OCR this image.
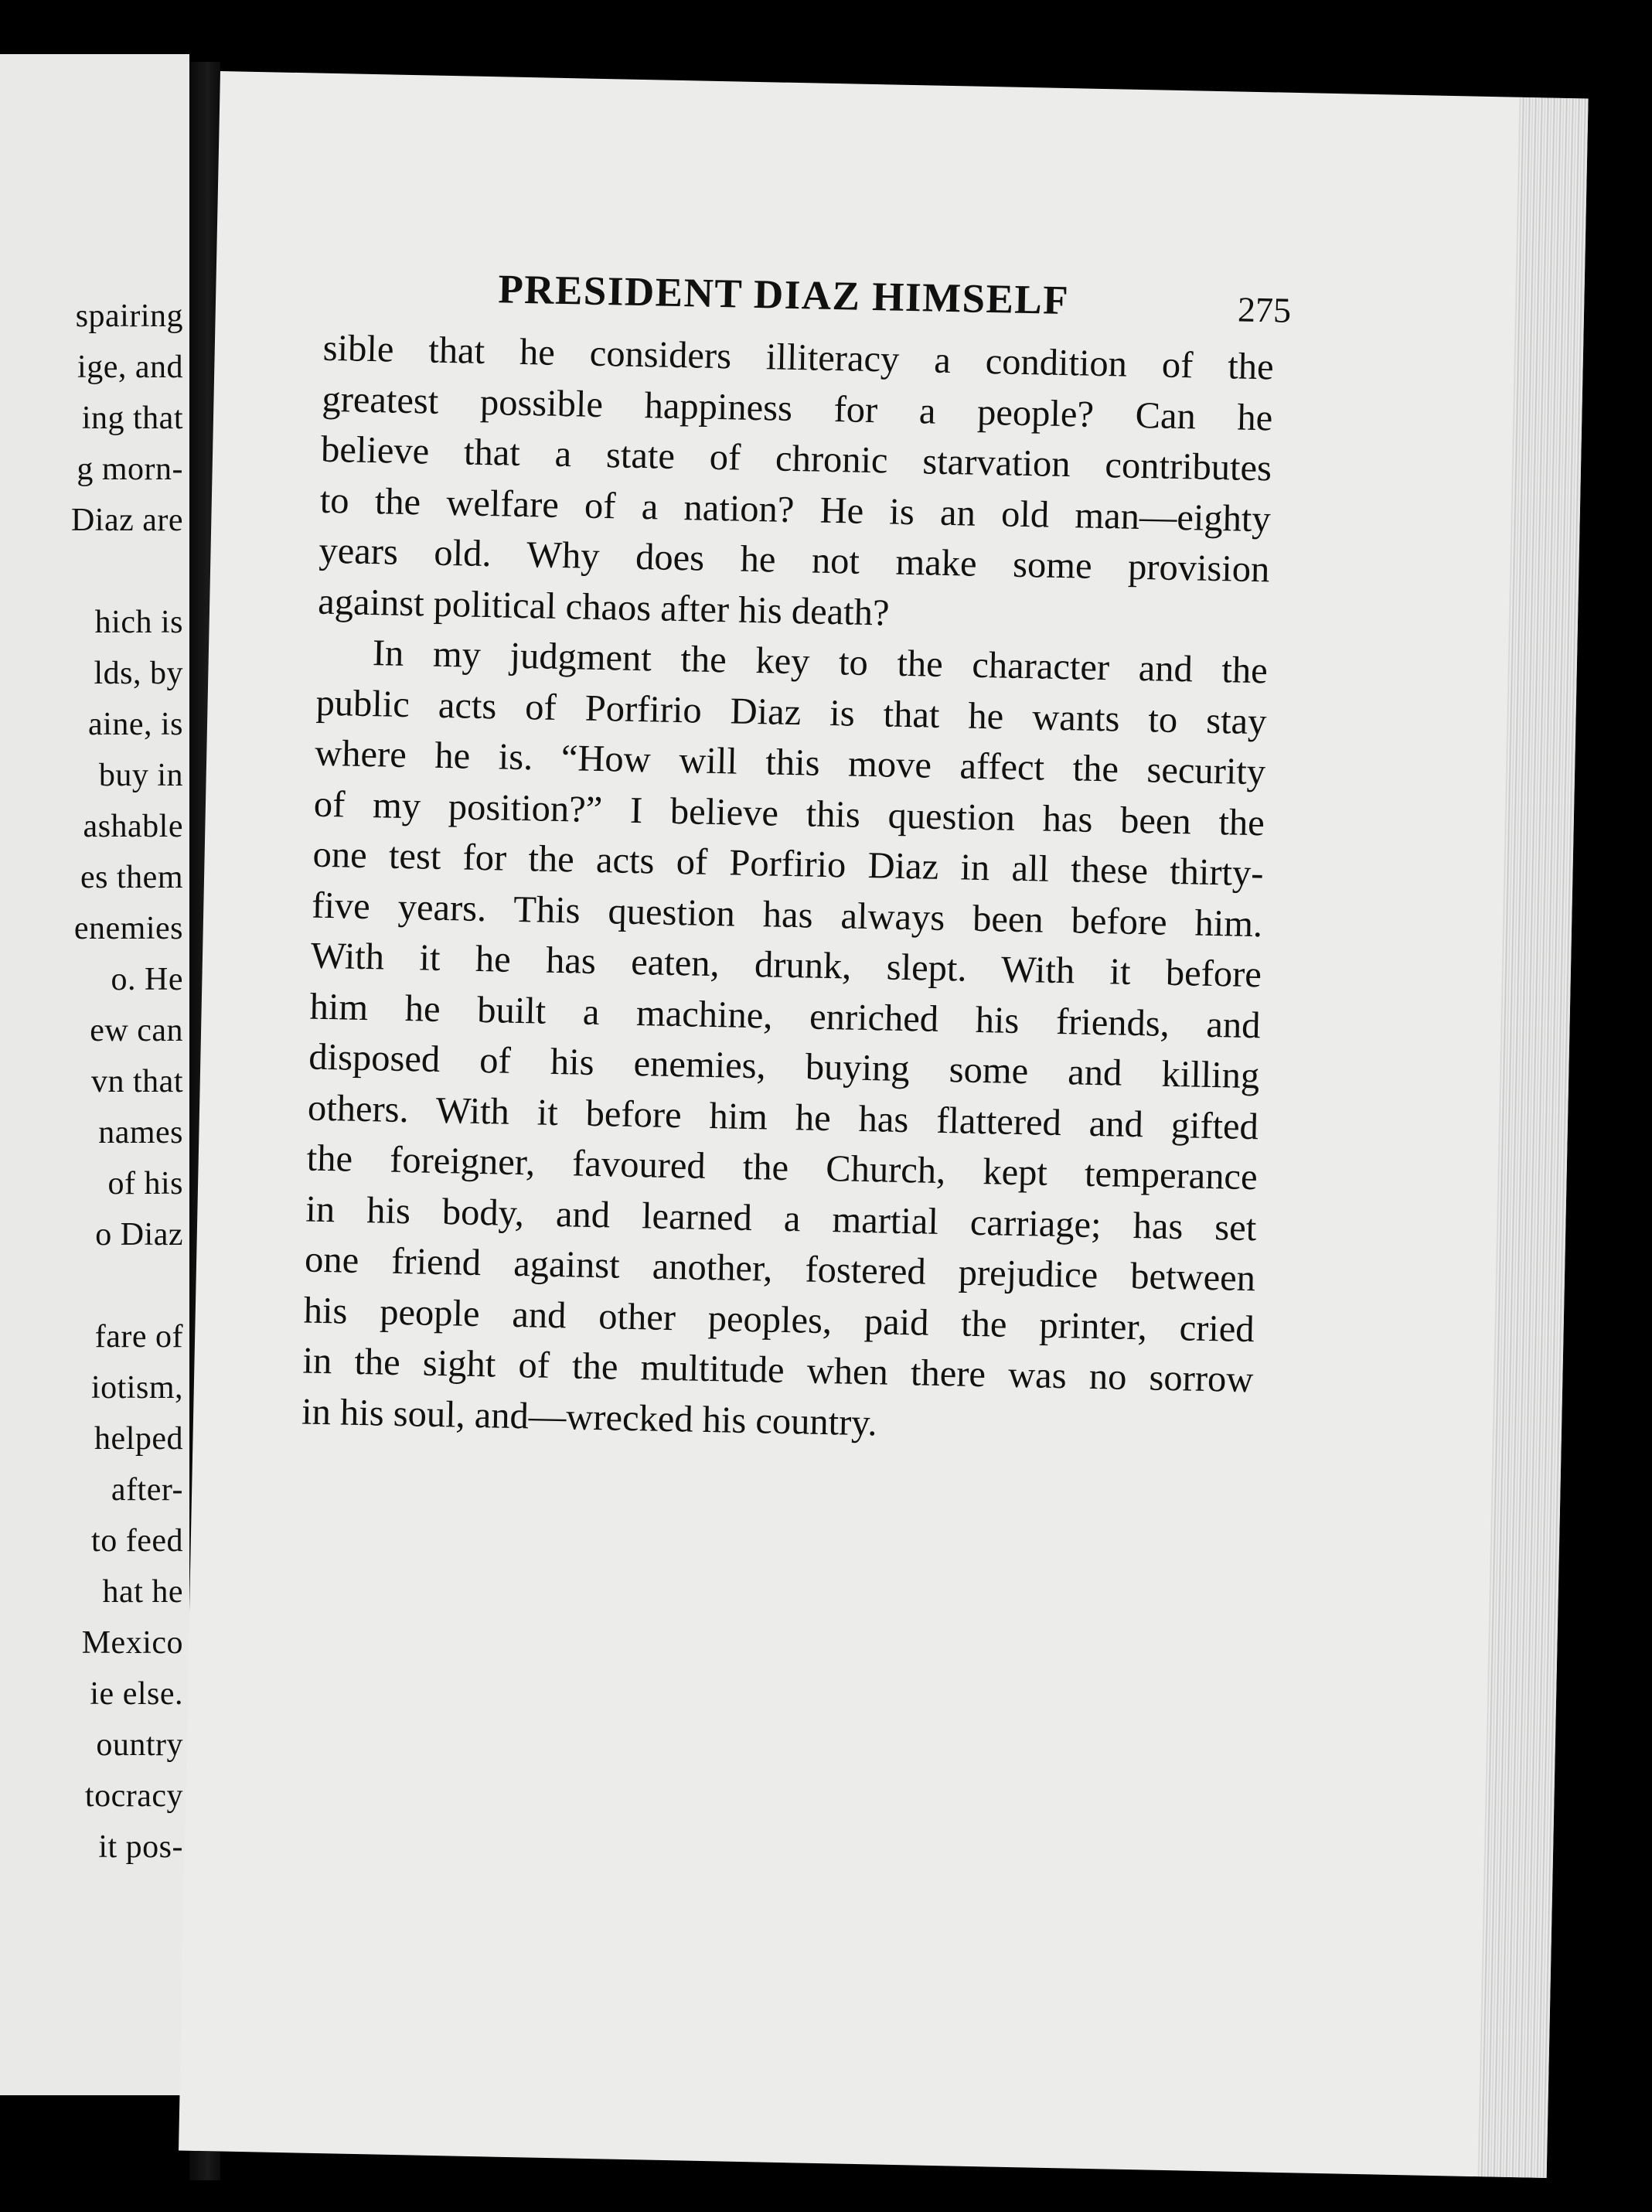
spairing
ige, and
ing that
g morn-
Diaz are
hich is
lds, by
aine, is
buy in
ashable
es them
enemies
o. He
ew can
vn that
names
of his
o Diaz
fare of
iotism,
helped
after-
to feed
hat he
Mexico
ie else.
ountry
tocracy
it pos-
PRESIDENT DIAZ HIMSELF	275
sible that he considers illiteracy a condition of the
greatest possible happiness for a people? Can he
believe that a state of chronic starvation contributes
to the welfare of a nation? He is an old man—eighty
years old. Why does he not make some provision
against political chaos after his death?
In my judgment the key to the character and the
public acts of Porfirio Diaz is that he wants to stay
where he is. “How will this move affect the security
of my position?” I believe this question has been the
one test for the acts of Porfirio Diaz in all these thirty-
five years. This question has always been before him.
With it he has eaten, drunk, slept. With it before
him he built a machine, enriched his friends, and
disposed of his enemies, buying some and killing
others. With it before him he has flattered and gifted
the foreigner, favoured the Church, kept temperance
in his body, and learned a martial carriage; has set
one friend against another, fostered prejudice between
his people and other peoples, paid the printer, cried
in the sight of the multitude when there was no sorrow
in his soul, and—wrecked his country.
